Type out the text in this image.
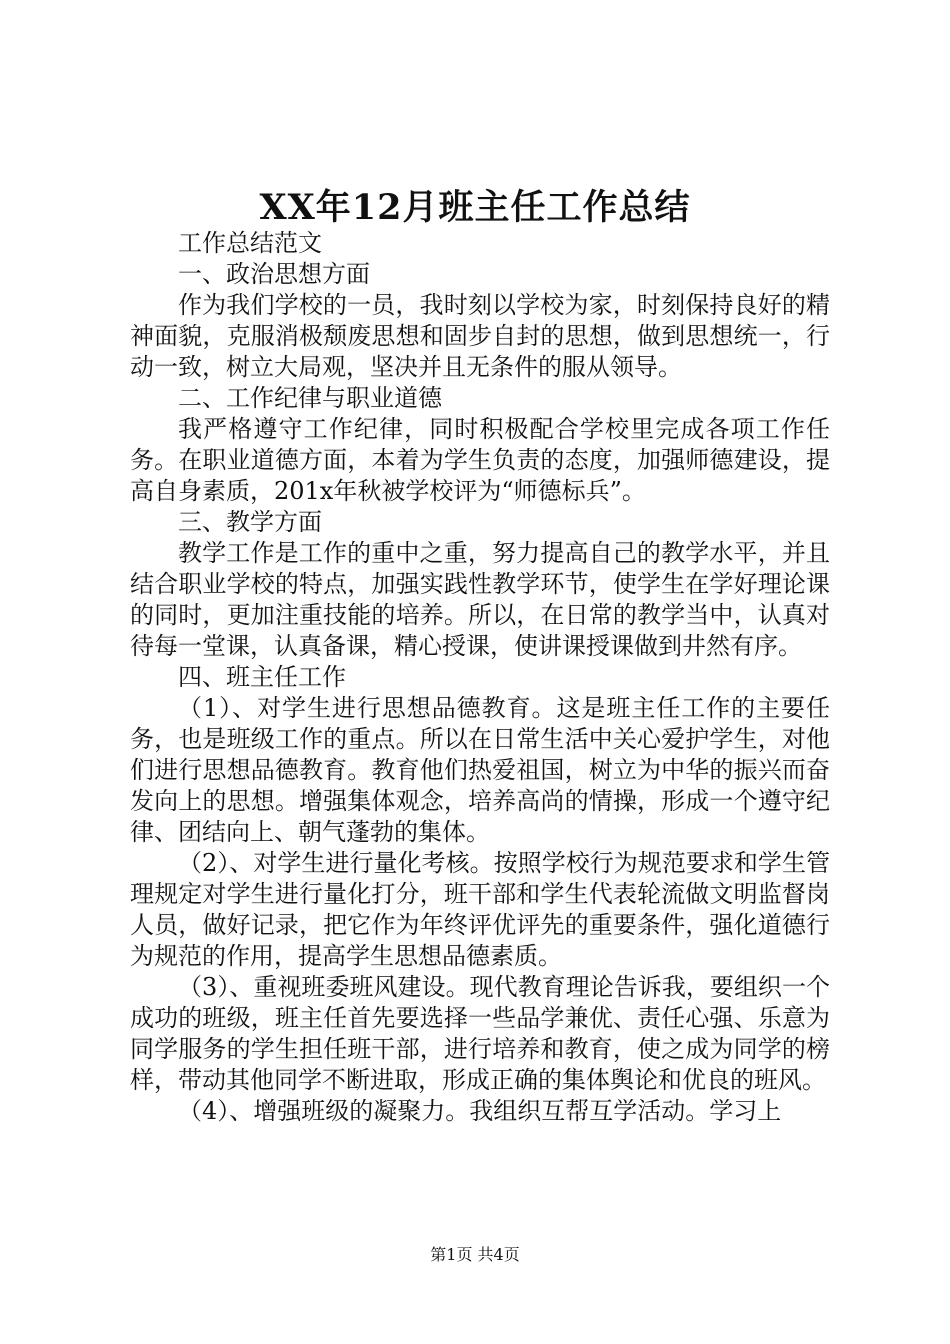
XX年12月班主任工作总结

工作总结范文

一、政治思想方面

作为我们学校的一员，我时刻以学校为家，时刻保持良好的精神面貌，克服消极颓废思想和固步自封的思想，做到思想统一，行动一致，树立大局观，坚决并且无条件的服从领导。

二、工作纪律与职业道德

我严格遵守工作纪律，同时积极配合学校里完成各项工作任务。在职业道德方面，本着为学生负责的态度，加强师德建设，提高自身素质，201x年秋被学校评为“师德标兵”。

三、教学方面

教学工作是工作的重中之重，努力提高自己的教学水平，并且结合职业学校的特点，加强实践性教学环节，使学生在学好理论课的同时，更加注重技能的培养。所以，在日常的教学当中，认真对待每一堂课，认真备课，精心授课，使讲课授课做到井然有序。

四、班主任工作

（1）、对学生进行思想品德教育。这是班主任工作的主要任务，也是班级工作的重点。所以在日常生活中关心爱护学生，对他们进行思想品德教育。教育他们热爱祖国，树立为中华的振兴而奋发向上的思想。增强集体观念，培养高尚的情操，形成一个遵守纪律、团结向上、朝气蓬勃的集体。

（2）、对学生进行量化考核。按照学校行为规范要求和学生管理规定对学生进行量化打分，班干部和学生代表轮流做文明监督岗人员，做好记录，把它作为年终评优评先的重要条件，强化道德行为规范的作用，提高学生思想品德素质。

（3）、重视班委班风建设。现代教育理论告诉我，要组织一个成功的班级，班主任首先要选择一些品学兼优、责任心强、乐意为同学服务的学生担任班干部，进行培养和教育，使之成为同学的榜样，带动其他同学不断进取，形成正确的集体舆论和优良的班风。

（4）、增强班级的凝聚力。我组织互帮互学活动。学习上

第1页 共4页
